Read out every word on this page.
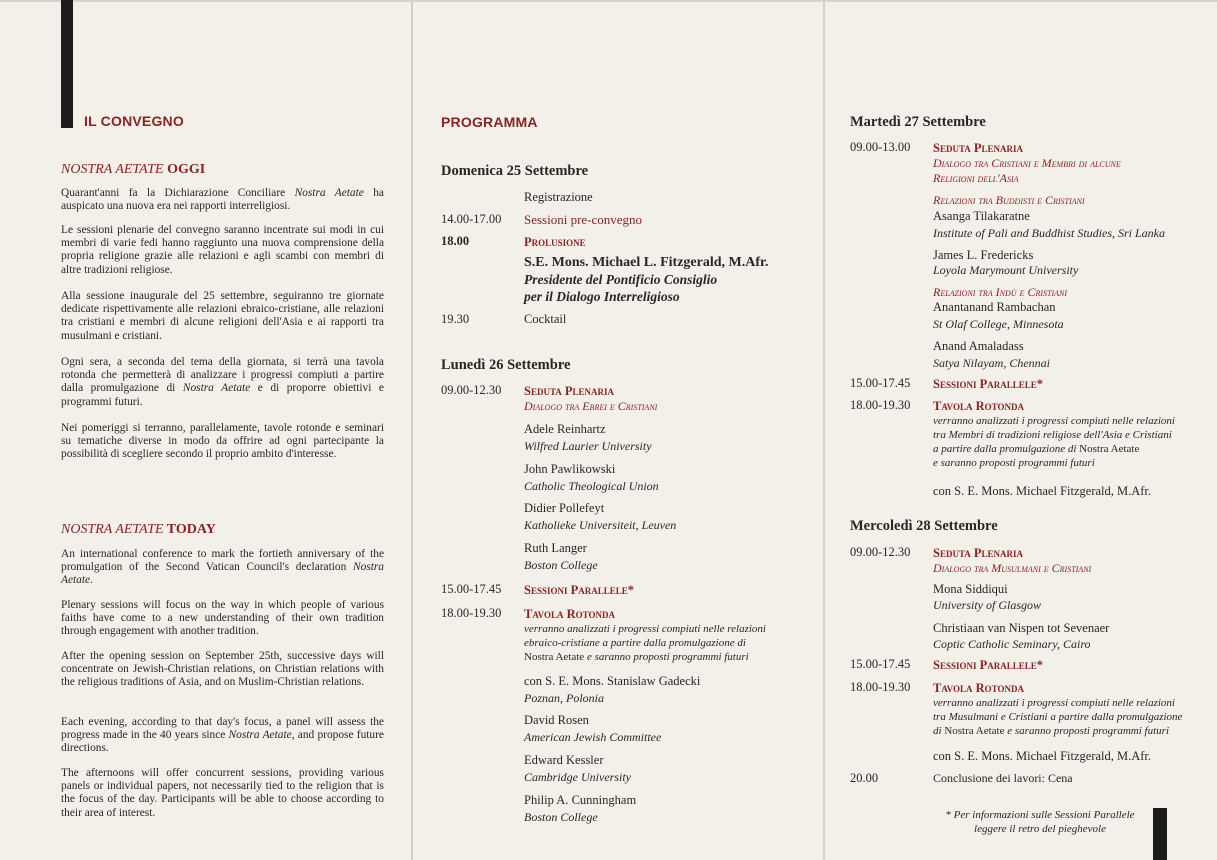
IL CONVEGNO
NOSTRA AETATE OGGI
Quarant'anni fa la Dichiarazione Conciliare Nostra Aetate ha auspicato una nuova era nei rapporti interreligiosi.
Le sessioni plenarie del convegno saranno incentrate sui modi in cui membri di varie fedi hanno raggiunto una nuova comprensione della propria religione grazie alle relazioni e agli scambi con membri di altre tradizioni religiose.
Alla sessione inaugurale del 25 settembre, seguiranno tre giornate dedicate rispettivamente alle relazioni ebraico-cristiane, alle relazioni tra cristiani e membri di alcune religioni dell'Asia e ai rapporti tra musulmani e cristiani.
Ogni sera, a seconda del tema della giornata, si terrà una tavola rotonda che permetterà di analizzare i progressi compiuti a partire dalla promulgazione di Nostra Aetate e di proporre obiettivi e programmi futuri.
Nei pomeriggi si terranno, parallelamente, tavole rotonde e seminari su tematiche diverse in modo da offrire ad ogni partecipante la possibilità di scegliere secondo il proprio ambito d'interesse.
NOSTRA AETATE TODAY
An international conference to mark the fortieth anniversary of the promulgation of the Second Vatican Council's declaration Nostra Aetate.
Plenary sessions will focus on the way in which people of various faiths have come to a new understanding of their own tradition through engagement with another tradition.
After the opening session on September 25th, successive days will concentrate on Jewish-Christian relations, on Christian relations with the religious traditions of Asia, and on Muslim-Christian relations.
Each evening, according to that day's focus, a panel will assess the progress made in the 40 years since Nostra Aetate, and propose future directions.
The afternoons will offer concurrent sessions, providing various panels or individual papers, not necessarily tied to the religion that is the focus of the day. Participants will be able to choose according to their area of interest.
PROGRAMMA
Domenica 25 Settembre
Registrazione
14.00-17.00 Sessioni pre-convegno
18.00	Prolusione
S.E. Mons. Michael L. Fitzgerald, M.Afr.
Presidente del Pontificio Consiglio
per il Dialogo Interreligioso
19.30	Cocktail
Lunedì 26 Settembre
09.00-12.30 Seduta Plenaria
Dialogo tra Ebrei e Cristiani
Adele Reinhartz
Wilfred Laurier University
John Pawlikowski
Catholic Theological Union
Didier Pollefeyt
Katholieke Universiteit, Leuven
Ruth Langer
Boston College
15.00-17.45 Sessioni Parallele*
18.00-19.30 Tavola Rotonda
verranno analizzati i progressi compiuti nelle relazioni
ebraico-cristiane a partire dalla promulgazione di
Nostra Aetate e saranno proposti programmi futuri
con S. E. Mons. Stanislaw Gadecki
Poznan, Polonia
David Rosen
American Jewish Committee
Edward Kessler
Cambridge University
Philip A. Cunningham
Boston College
Martedì 27 Settembre
09.00-13.00 Seduta Plenaria
Dialogo tra Cristiani e Membri di alcune
Religioni dell'Asia
Relazioni tra Buddisti e Cristiani
Asanga Tilakaratne
Institute of Pali and Buddhist Studies, Sri Lanka
James L. Fredericks
Loyola Marymount University
Relazioni tra Indù e Cristiani
Anantanand Rambachan
St Olaf College, Minnesota
Anand Amaladass
Satya Nilayam, Chennai
15.00-17.45 Sessioni Parallele*
18.00-19.30 Tavola Rotonda
verranno analizzati i progressi compiuti nelle relazioni
tra Membri di tradizioni religiose dell'Asia e Cristiani
a partire dalla promulgazione di Nostra Aetate
e saranno proposti programmi futuri
con S. E. Mons. Michael Fitzgerald, M.Afr.
Mercoledì 28 Settembre
09.00-12.30 Seduta Plenaria
Dialogo tra Musulmani e Cristiani
Mona Siddiqui
University of Glasgow
Christiaan van Nispen tot Sevenaer
Coptic Catholic Seminary, Cairo
15.00-17.45 Sessioni Parallele*
18.00-19.30 Tavola Rotonda
verranno analizzati i progressi compiuti nelle relazioni
tra Musulmani e Cristiani a partire dalla promulgazione
di Nostra Aetate e saranno proposti programmi futuri
con S. E. Mons. Michael Fitzgerald, M.Afr.
20.00	Conclusione dei lavori: Cena
* Per informazioni sulle Sessioni Parallele
leggere il retro del pieghevole
